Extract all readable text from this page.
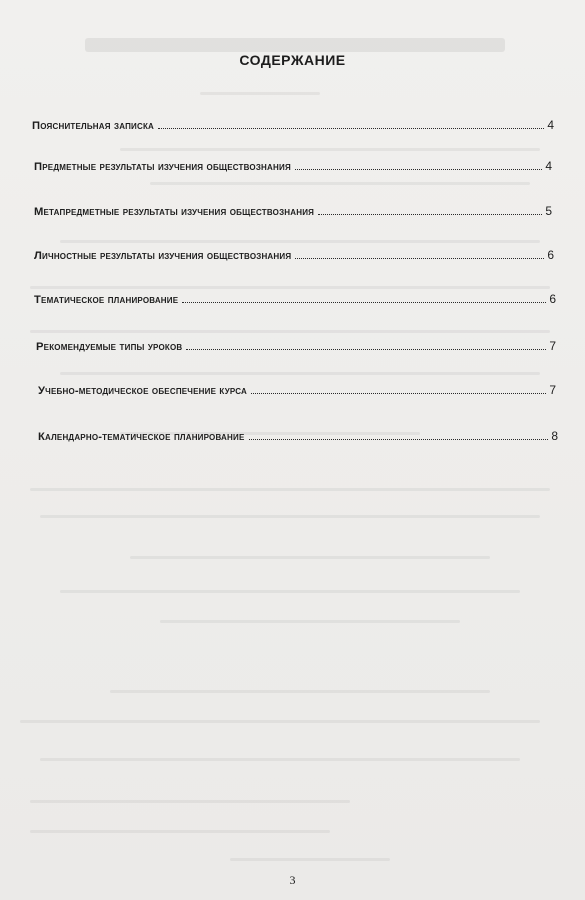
СОДЕРЖАНИЕ
Пояснительная записка	4
Предметные результаты изучения обществознания	4
Метапредметные результаты изучения обществознания	5
Личностные результаты изучения обществознания	6
Тематическое планирование	6
Рекомендуемые типы уроков	7
Учебно-методическое обеспечение курса	7
Календарно-тематическое планирование	8
3
